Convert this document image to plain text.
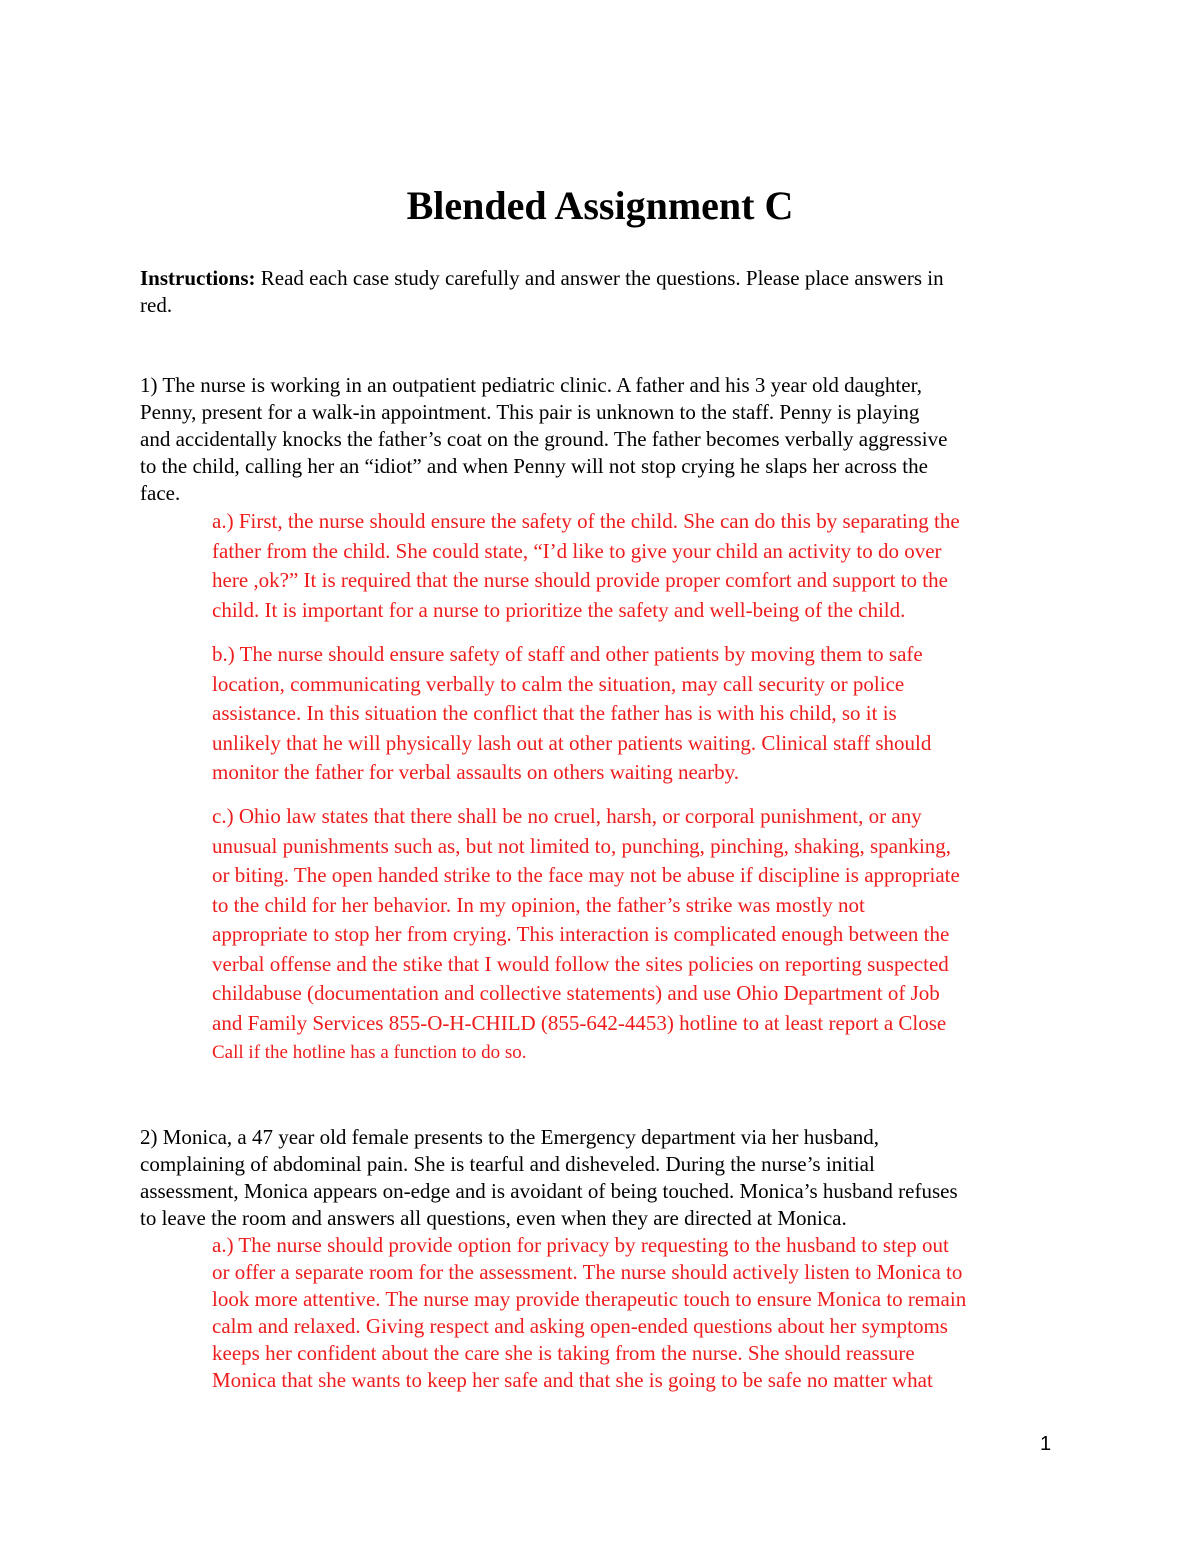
Blended Assignment C
Instructions: Read each case study carefully and answer the questions. Please place answers in
red.
1) The nurse is working in an outpatient pediatric clinic. A father and his 3 year old daughter,
Penny, present for a walk-in appointment. This pair is unknown to the staff. Penny is playing
and accidentally knocks the father’s coat on the ground. The father becomes verbally aggressive
to the child, calling her an “idiot” and when Penny will not stop crying he slaps her across the
face.
a.) First, the nurse should ensure the safety of the child. She can do this by separating the
father from the child. She could state, “I’d like to give your child an activity to do over
here ,ok?” It is required that the nurse should provide proper comfort and support to the
child. It is important for a nurse to prioritize the safety and well-being of the child.
b.) The nurse should ensure safety of staff and other patients by moving them to safe
location, communicating verbally to calm the situation, may call security or police
assistance. In this situation the conflict that the father has is with his child, so it is
unlikely that he will physically lash out at other patients waiting. Clinical staff should
monitor the father for verbal assaults on others waiting nearby.
c.) Ohio law states that there shall be no cruel, harsh, or corporal punishment, or any
unusual punishments such as, but not limited to, punching, pinching, shaking, spanking,
or biting. The open handed strike to the face may not be abuse if discipline is appropriate
to the child for her behavior. In my opinion, the father’s strike was mostly not
appropriate to stop her from crying. This interaction is complicated enough between the
verbal offense and the stike that I would follow the sites policies on reporting suspected
childabuse (documentation and collective statements) and use Ohio Department of Job
and Family Services 855-O-H-CHILD (855-642-4453) hotline to at least report a Close
Call if the hotline has a function to do so.
2) Monica, a 47 year old female presents to the Emergency department via her husband,
complaining of abdominal pain. She is tearful and disheveled. During the nurse’s initial
assessment, Monica appears on-edge and is avoidant of being touched. Monica’s husband refuses
to leave the room and answers all questions, even when they are directed at Monica.
a.) The nurse should provide option for privacy by requesting to the husband to step out
or offer a separate room for the assessment. The nurse should actively listen to Monica to
look more attentive. The nurse may provide therapeutic touch to ensure Monica to remain
calm and relaxed. Giving respect and asking open-ended questions about her symptoms
keeps her confident about the care she is taking from the nurse. She should reassure
Monica that she wants to keep her safe and that she is going to be safe no matter what
1
